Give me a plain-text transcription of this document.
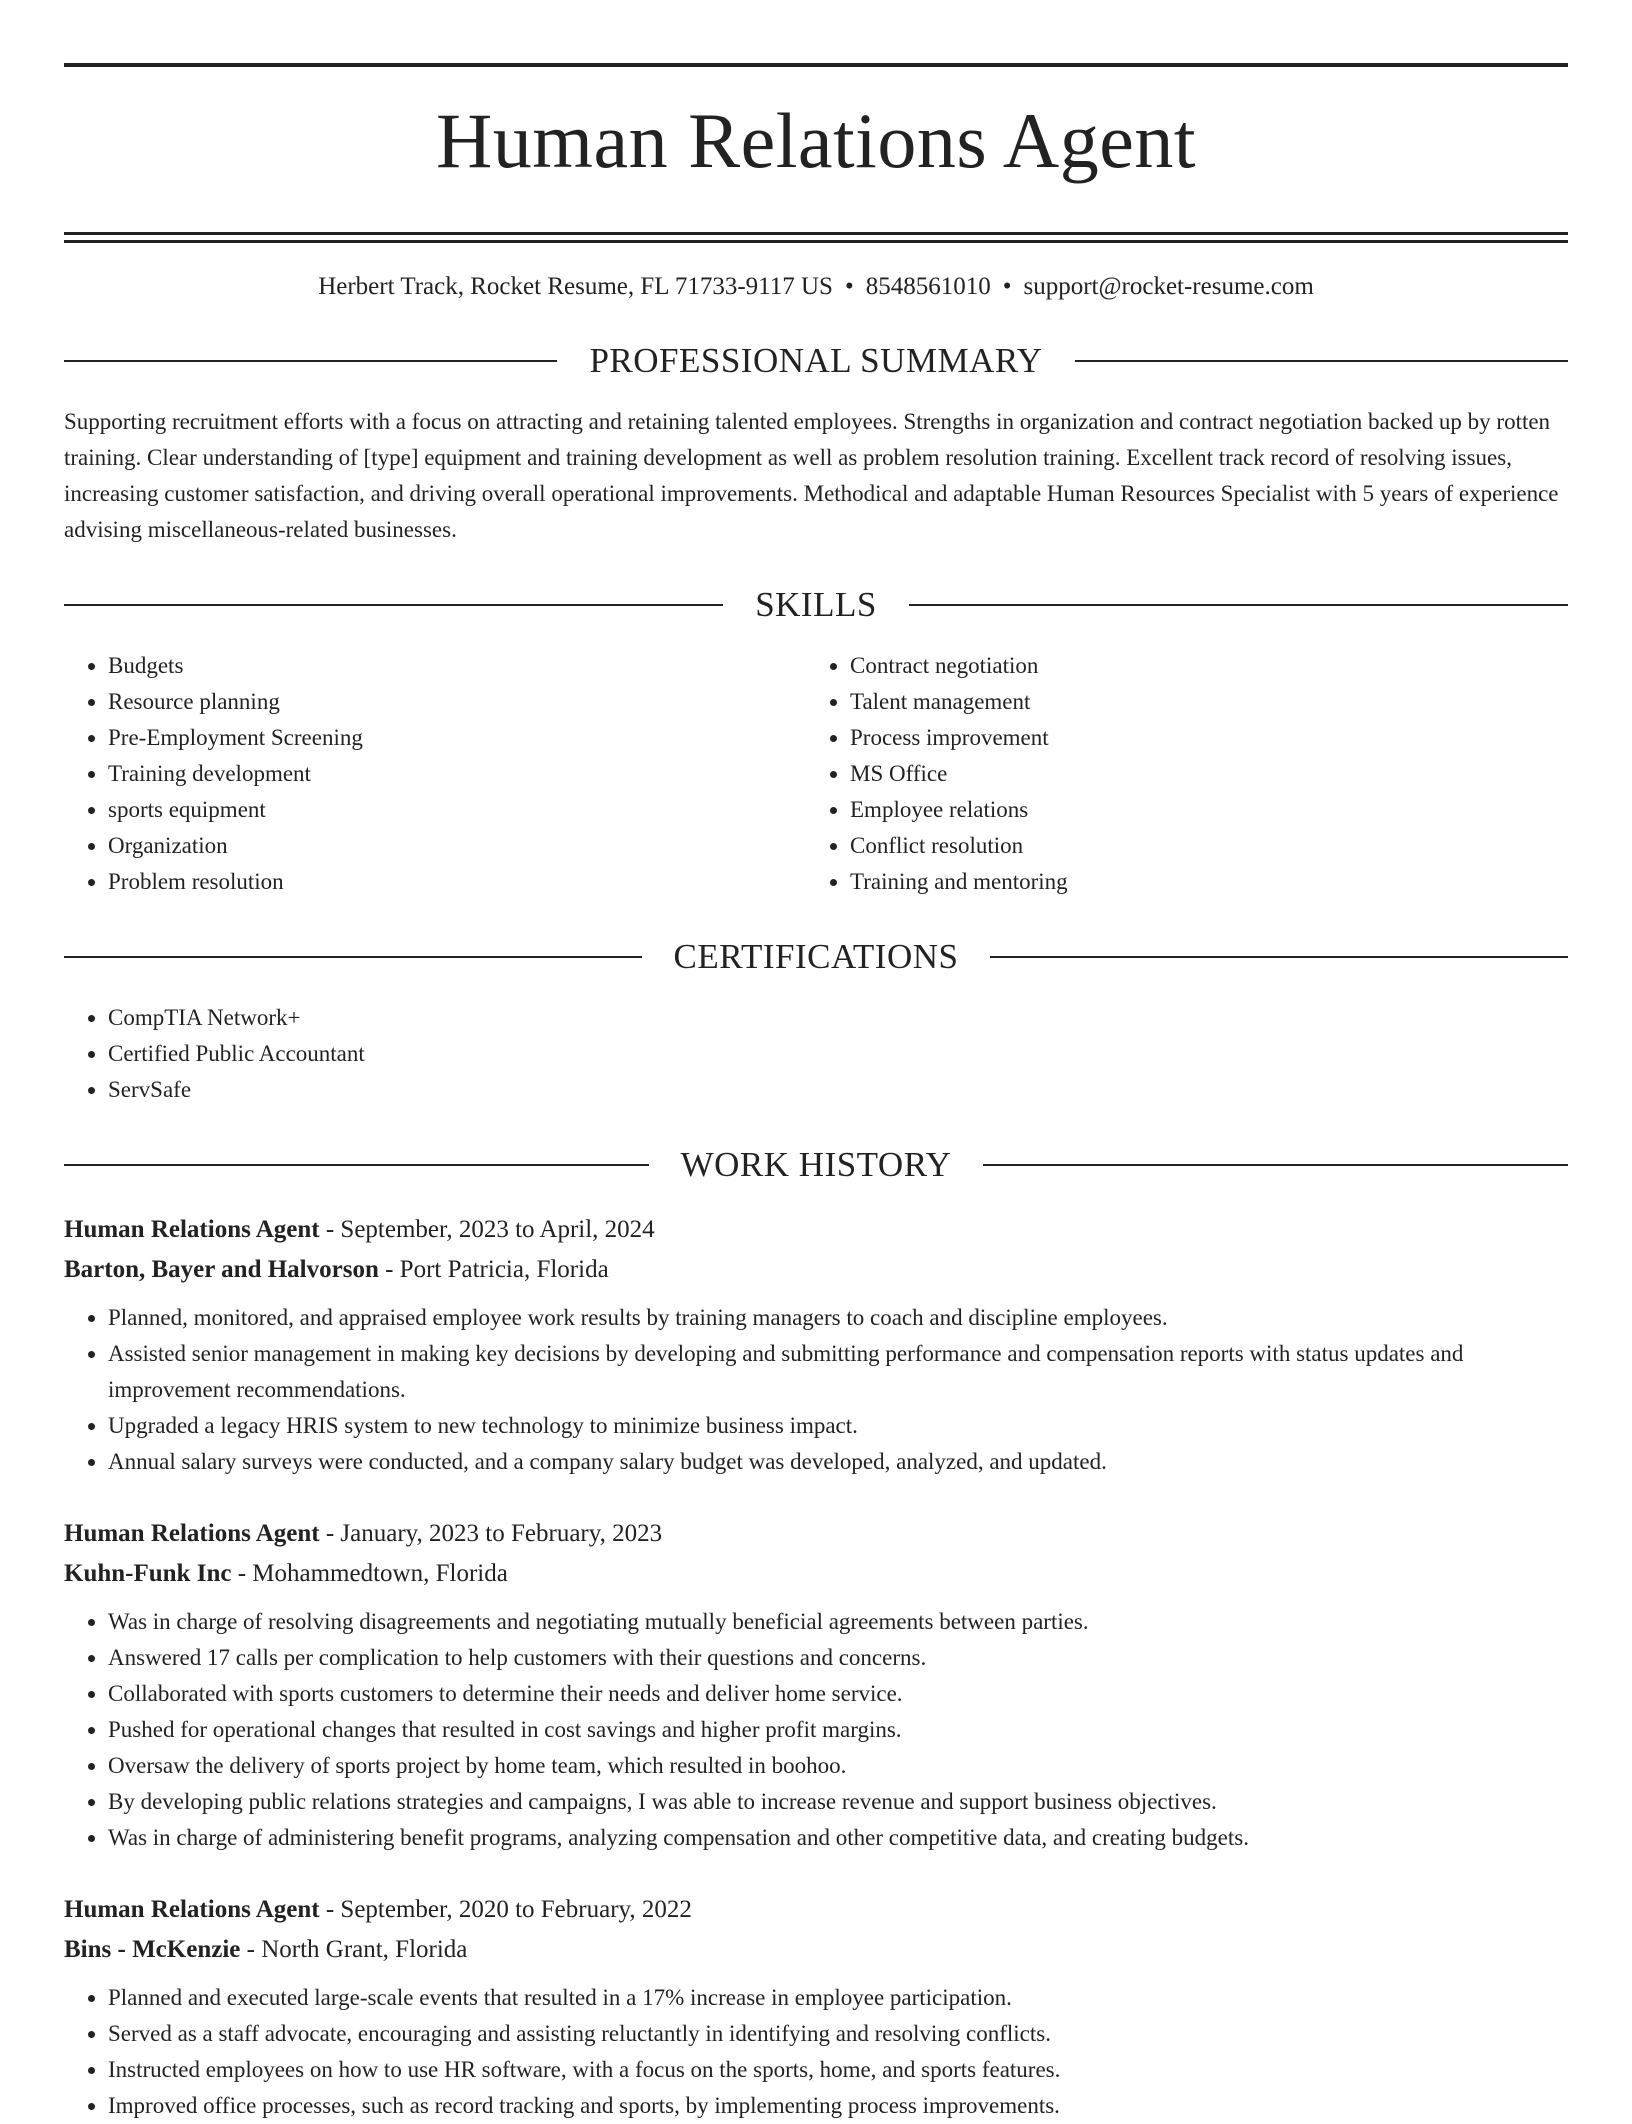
Human Relations Agent
Herbert Track, Rocket Resume, FL 71733-9117 US • 8548561010 • support@rocket-resume.com
PROFESSIONAL SUMMARY
Supporting recruitment efforts with a focus on attracting and retaining talented employees. Strengths in organization and contract negotiation backed up by rotten training. Clear understanding of [type] equipment and training development as well as problem resolution training. Excellent track record of resolving issues, increasing customer satisfaction, and driving overall operational improvements. Methodical and adaptable Human Resources Specialist with 5 years of experience advising miscellaneous-related businesses.
SKILLS
• Budgets
• Resource planning
• Pre-Employment Screening
• Training development
• sports equipment
• Organization
• Problem resolution
• Contract negotiation
• Talent management
• Process improvement
• MS Office
• Employee relations
• Conflict resolution
• Training and mentoring
CERTIFICATIONS
• CompTIA Network+
• Certified Public Accountant
• ServSafe
WORK HISTORY
Human Relations Agent - September, 2023 to April, 2024
Barton, Bayer and Halvorson - Port Patricia, Florida
• Planned, monitored, and appraised employee work results by training managers to coach and discipline employees.
• Assisted senior management in making key decisions by developing and submitting performance and compensation reports with status updates and improvement recommendations.
• Upgraded a legacy HRIS system to new technology to minimize business impact.
• Annual salary surveys were conducted, and a company salary budget was developed, analyzed, and updated.
Human Relations Agent - January, 2023 to February, 2023
Kuhn-Funk Inc - Mohammedtown, Florida
• Was in charge of resolving disagreements and negotiating mutually beneficial agreements between parties.
• Answered 17 calls per complication to help customers with their questions and concerns.
• Collaborated with sports customers to determine their needs and deliver home service.
• Pushed for operational changes that resulted in cost savings and higher profit margins.
• Oversaw the delivery of sports project by home team, which resulted in boohoo.
• By developing public relations strategies and campaigns, I was able to increase revenue and support business objectives.
• Was in charge of administering benefit programs, analyzing compensation and other competitive data, and creating budgets.
Human Relations Agent - September, 2020 to February, 2022
Bins - McKenzie - North Grant, Florida
• Planned and executed large-scale events that resulted in a 17% increase in employee participation.
• Served as a staff advocate, encouraging and assisting reluctantly in identifying and resolving conflicts.
• Instructed employees on how to use HR software, with a focus on the sports, home, and sports features.
• Improved office processes, such as record tracking and sports, by implementing process improvements.
